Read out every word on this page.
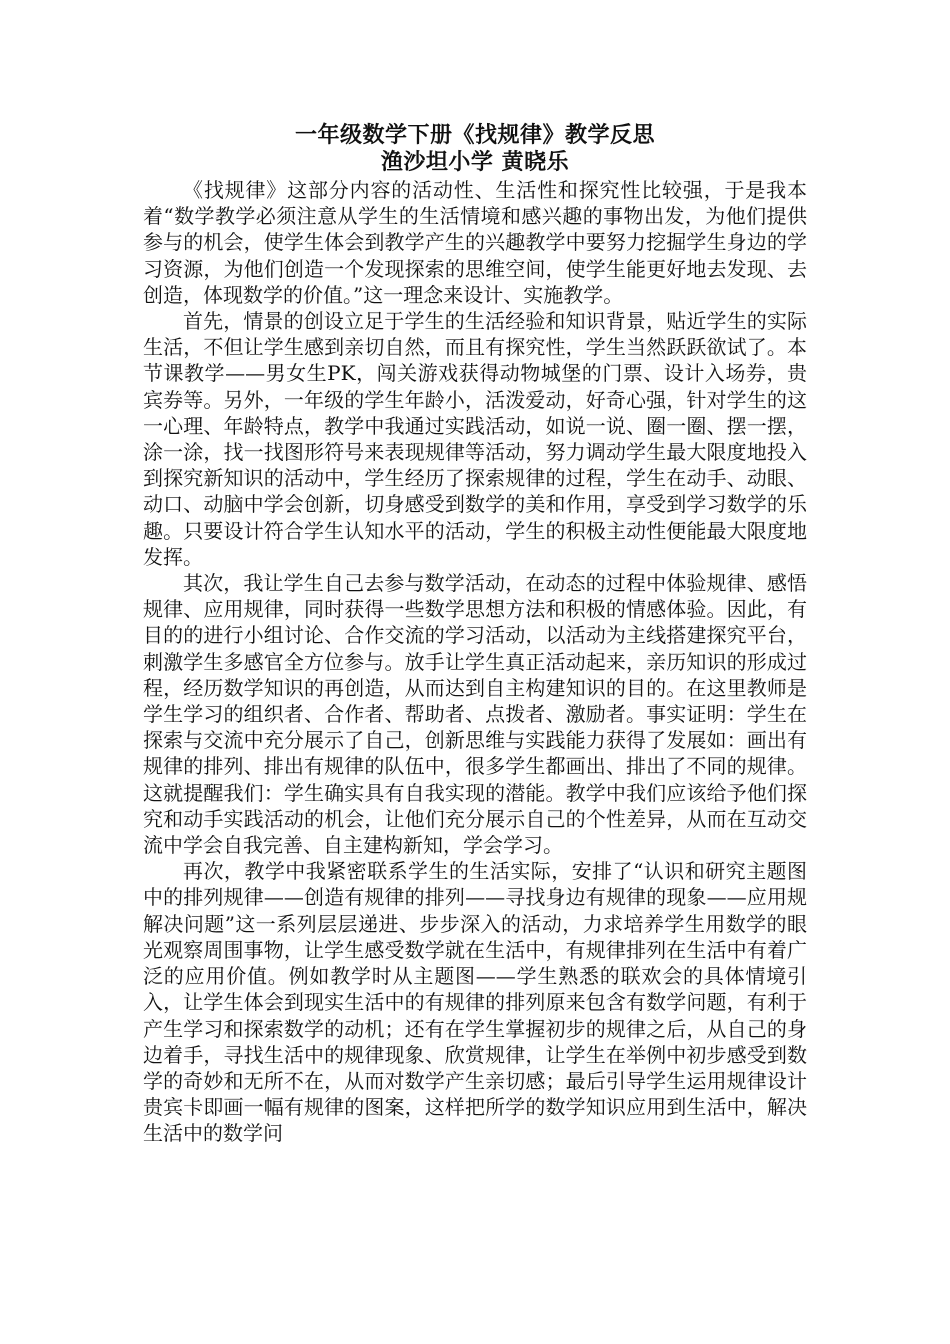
一年级数学下册《找规律》教学反思
渔沙坦小学 黄晓乐

《找规律》这部分内容的活动性、生活性和探究性比较强，于是我本着“数学教学必须注意从学生的生活情境和感兴趣的事物出发，为他们提供参与的机会，使学生体会到教学产生的兴趣教学中要努力挖掘学生身边的学习资源，为他们创造一个发现探索的思维空间，使学生能更好地去发现、去创造，体现数学的价值。”这一理念来设计、实施教学。

首先，情景的创设立足于学生的生活经验和知识背景，贴近学生的实际生活，不但让学生感到亲切自然，而且有探究性，学生当然跃跃欲试了。本节课教学——男女生PK，闯关游戏获得动物城堡的门票、设计入场券，贵宾券等。另外，一年级的学生年龄小，活泼爱动，好奇心强，针对学生的这一心理、年龄特点，教学中我通过实践活动，如说一说、圈一圈、摆一摆，涂一涂，找一找图形符号来表现规律等活动，努力调动学生最大限度地投入到探究新知识的活动中，学生经历了探索规律的过程，学生在动手、动眼、动口、动脑中学会创新，切身感受到数学的美和作用，享受到学习数学的乐趣。只要设计符合学生认知水平的活动，学生的积极主动性便能最大限度地发挥。

其次，我让学生自己去参与数学活动，在动态的过程中体验规律、感悟规律、应用规律，同时获得一些数学思想方法和积极的情感体验。因此，有目的的进行小组讨论、合作交流的学习活动，以活动为主线搭建探究平台，刺激学生多感官全方位参与。放手让学生真正活动起来，亲历知识的形成过程，经历数学知识的再创造，从而达到自主构建知识的目的。在这里教师是学生学习的组织者、合作者、帮助者、点拨者、激励者。事实证明：学生在探索与交流中充分展示了自己，创新思维与实践能力获得了发展如：画出有规律的排列、排出有规律的队伍中，很多学生都画出、排出了不同的规律。这就提醒我们：学生确实具有自我实现的潜能。教学中我们应该给予他们探究和动手实践活动的机会，让他们充分展示自己的个性差异，从而在互动交流中学会自我完善、自主建构新知，学会学习。

再次，教学中我紧密联系学生的生活实际，安排了“认识和研究主题图中的排列规律——创造有规律的排列——寻找身边有规律的现象——应用规解决问题”这一系列层层递进、步步深入的活动，力求培养学生用数学的眼光观察周围事物，让学生感受数学就在生活中，有规律排列在生活中有着广泛的应用价值。例如教学时从主题图——学生熟悉的联欢会的具体情境引入，让学生体会到现实生活中的有规律的排列原来包含有数学问题，有利于产生学习和探索数学的动机；还有在学生掌握初步的规律之后，从自己的身边着手，寻找生活中的规律现象、欣赏规律，让学生在举例中初步感受到数学的奇妙和无所不在，从而对数学产生亲切感；最后引导学生运用规律设计贵宾卡即画一幅有规律的图案，这样把所学的数学知识应用到生活中，解决生活中的数学问
